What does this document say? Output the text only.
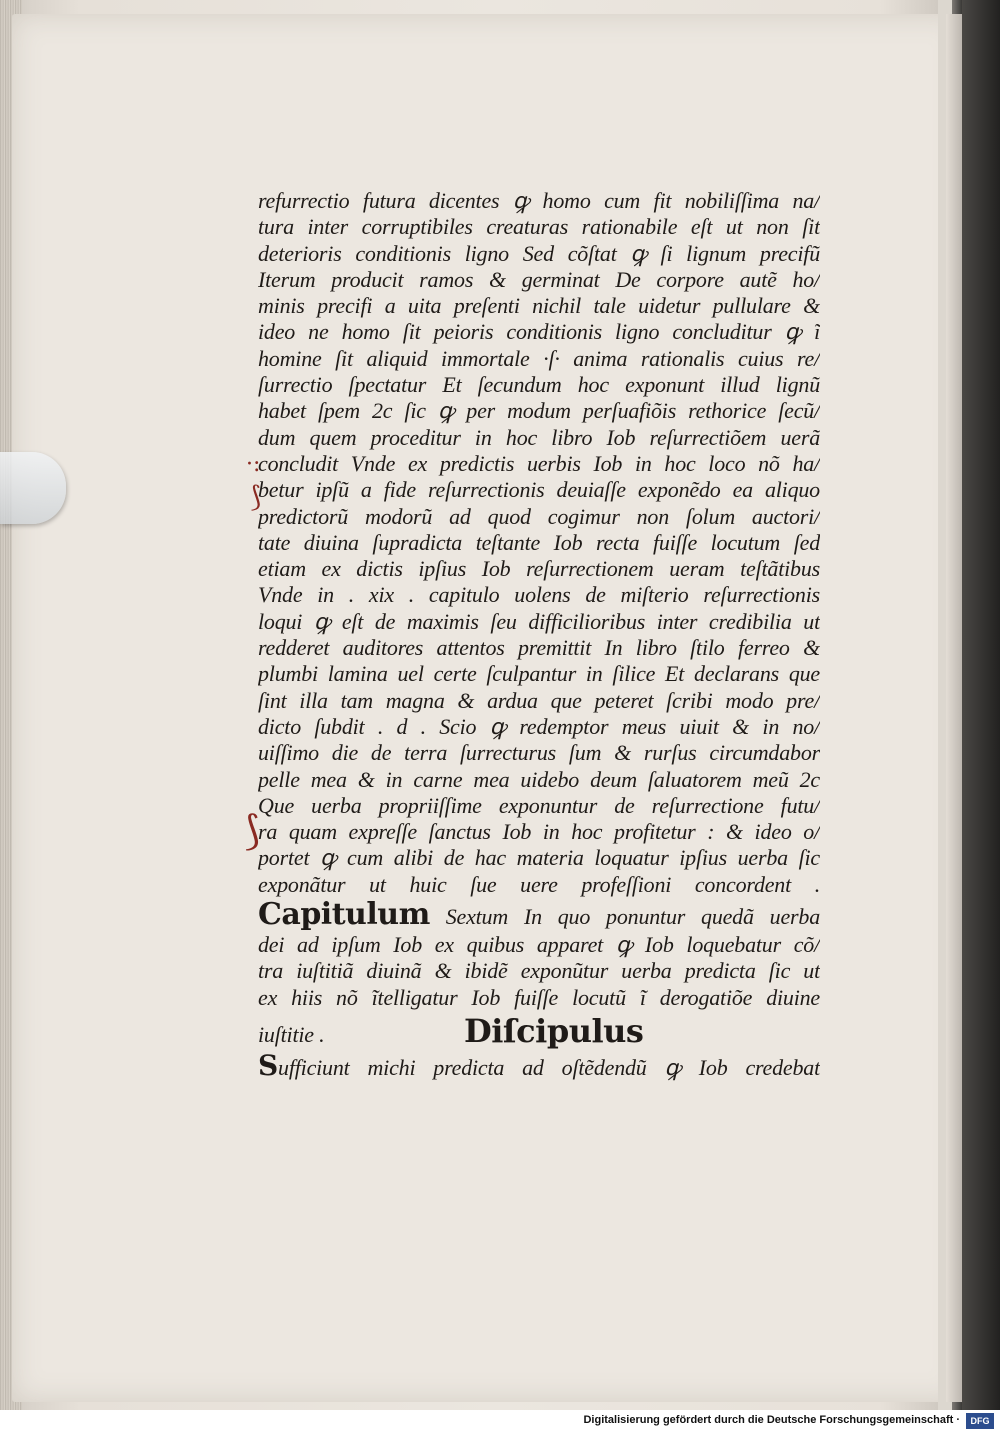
·:
⟆
⟆
refurrectio futura dicentes ꝙ homo cum fit nobiliſſima na/
tura inter corruptibiles creaturas rationabile eſt ut non ſit
deterioris conditionis ligno Sed cõſtat ꝙ ſi lignum precifũ
Iterum producit ramos & germinat De corpore autẽ ho/
minis precifi a uita preſenti nichil tale uidetur pullulare &
ideo ne homo ſit peioris conditionis ligno concluditur ꝙ ĩ
homine ſit aliquid immortale ·ſ· anima rationalis cuius re/
ſurrectio ſpectatur Et ſecundum hoc exponunt illud lignũ
habet ſpem 2c ſic ꝙ per modum perſuafiõis rethorice ſecũ/
dum quem proceditur in hoc libro Iob reſurrectiõem uerã
concludit Vnde ex predictis uerbis Iob in hoc loco nõ ha/
betur ipſũ a fide reſurrectionis deuiaſſe exponẽdo ea aliquo
predictorũ modorũ ad quod cogimur non ſolum auctori/
tate diuina ſupradicta teſtante Iob recta fuiſſe locutum ſed
etiam ex dictis ipſius Iob reſurrectionem ueram teſtãtibus
Vnde in . xix . capitulo uolens de miſterio reſurrectionis
loqui ꝙ eſt de maximis ſeu difficilioribus inter credibilia ut
redderet auditores attentos premittit In libro ſtilo ferreo &
plumbi lamina uel certe ſculpantur in ſilice Et declarans que
ſint illa tam magna & ardua que peteret ſcribi modo pre/
dicto ſubdit . d . Scio ꝙ redemptor meus uiuit & in no/
uiſſimo die de terra ſurrecturus ſum & rurſus circumdabor
pelle mea & in carne mea uidebo deum ſaluatorem meũ 2c
Que uerba propriiſſime exponuntur de reſurrectione futu/
ra quam expreſſe ſanctus Iob in hoc profitetur : & ideo o/
portet ꝙ cum alibi de hac materia loquatur ipſius uerba ſic
exponãtur ut huic ſue uere profeſſioni concordent .
Capitulum Sextum In quo ponuntur quedã uerba
dei ad ipſum Iob ex quibus apparet ꝙ Iob loquebatur cõ/
tra iuſtitiã diuinã & ibidẽ exponũtur uerba predicta ſic ut
ex hiis nõ ĩtelligatur Iob fuiſſe locutũ ĩ derogatiõe diuine
iuſtitie .	Diſcipulus
Sufficiunt michi predicta ad oſtẽdendũ ꝙ Iob credebat
Digitalisierung gefördert durch die Deutsche Forschungsgemeinschaft ·	DFG
